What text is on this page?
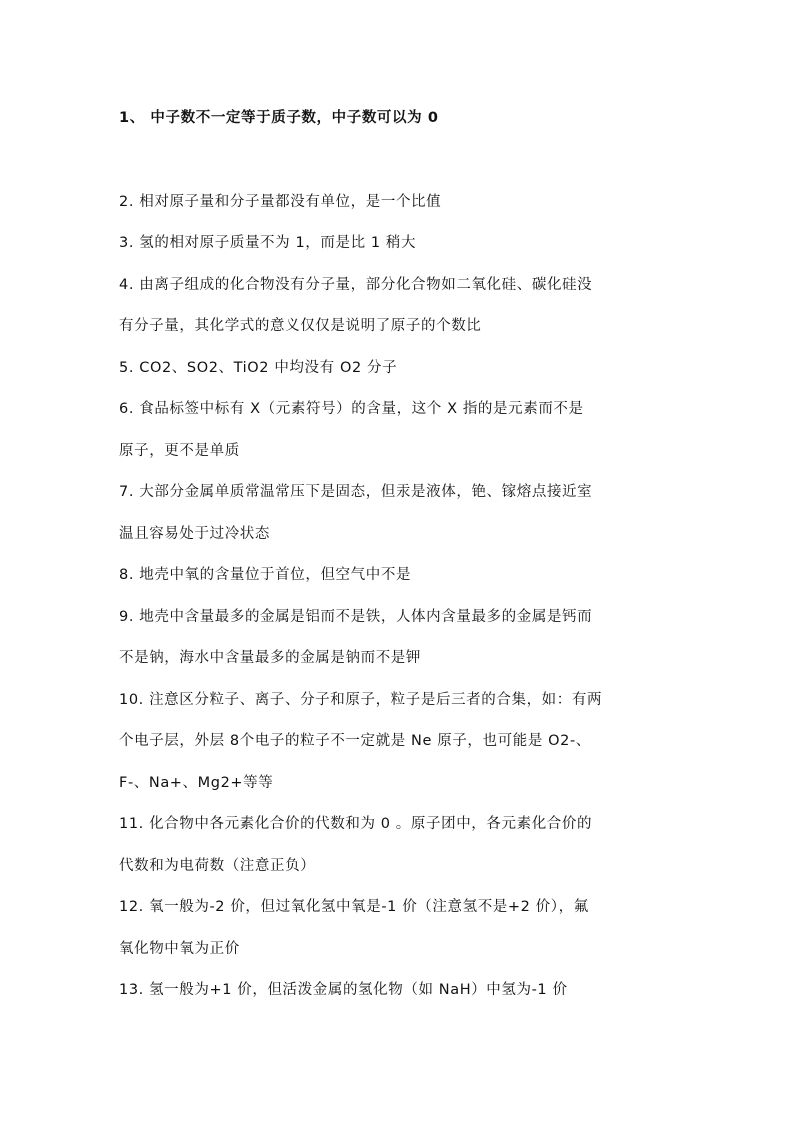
1、 中子数不一定等于质子数，中子数可以为 0
2. 相对原子量和分子量都没有单位，是一个比值
3. 氢的相对原子质量不为 1，而是比 1 稍大
4. 由离子组成的化合物没有分子量，部分化合物如二氧化硅、碳化硅没
有分子量，其化学式的意义仅仅是说明了原子的个数比
5. CO2、SO2、TiO2 中均没有 O2 分子
6. 食品标签中标有 X（元素符号）的含量，这个 X 指的是元素而不是
原子，更不是单质
7. 大部分金属单质常温常压下是固态，但汞是液体，铯、镓熔点接近室
温且容易处于过冷状态
8. 地壳中氧的含量位于首位，但空气中不是
9. 地壳中含量最多的金属是铝而不是铁，人体内含量最多的金属是钙而
不是钠，海水中含量最多的金属是钠而不是钾
10. 注意区分粒子、离子、分子和原子，粒子是后三者的合集，如：有两
个电子层，外层 8个电子的粒子不一定就是 Ne 原子，也可能是 O2-、
F-、Na+、Mg2+等等
11. 化合物中各元素化合价的代数和为 0 。原子团中，各元素化合价的
代数和为电荷数（注意正负）
12. 氧一般为-2 价，但过氧化氢中氧是-1 价（注意氢不是+2 价），氟
氧化物中氧为正价
13. 氢一般为+1 价，但活泼金属的氢化物（如 NaH）中氢为-1 价
